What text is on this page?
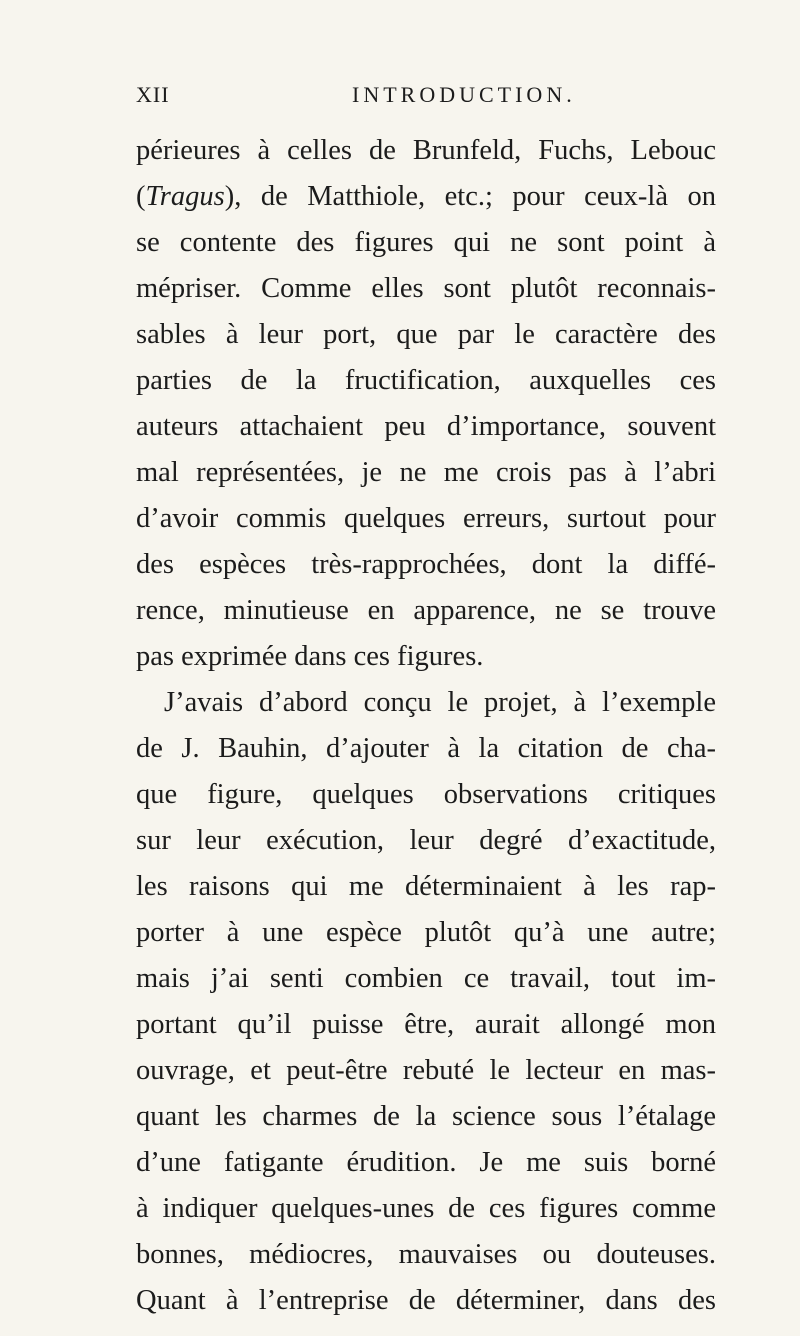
XII	INTRODUCTION.
périeures à celles de Brunfeld, Fuchs, Lebouc
(Tragus), de Matthiole, etc.; pour ceux-là on
se contente des figures qui ne sont point à
mépriser. Comme elles sont plutôt reconnais-
sables à leur port, que par le caractère des
parties de la fructification, auxquelles ces
auteurs attachaient peu d’importance, souvent
mal représentées, je ne me crois pas à l’abri
d’avoir commis quelques erreurs, surtout pour
des espèces très-rapprochées, dont la diffé-
rence, minutieuse en apparence, ne se trouve
pas exprimée dans ces figures.
J’avais d’abord conçu le projet, à l’exemple
de J. Bauhin, d’ajouter à la citation de cha-
que figure, quelques observations critiques
sur leur exécution, leur degré d’exactitude,
les raisons qui me déterminaient à les rap-
porter à une espèce plutôt qu’à une autre;
mais j’ai senti combien ce travail, tout im-
portant qu’il puisse être, aurait allongé mon
ouvrage, et peut-être rebuté le lecteur en mas-
quant les charmes de la science sous l’étalage
d’une fatigante érudition. Je me suis borné
à indiquer quelques-unes de ces figures comme
bonnes, médiocres, mauvaises ou douteuses.
Quant à l’entreprise de déterminer, dans des
